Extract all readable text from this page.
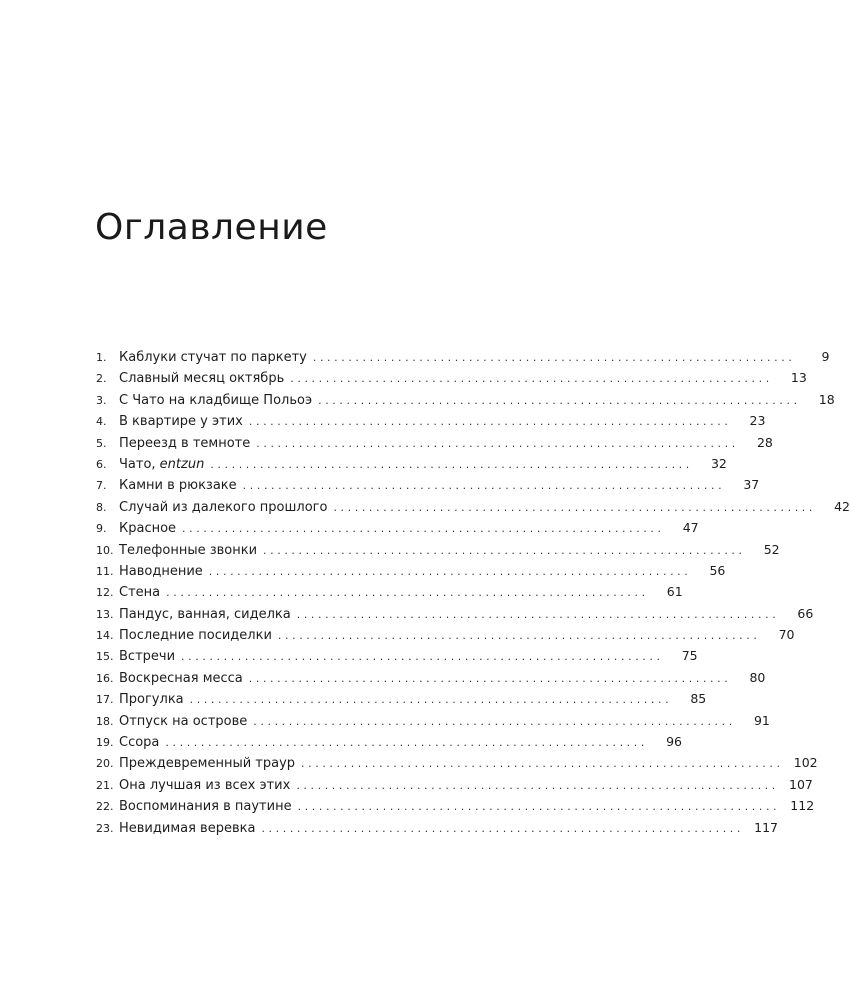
Оглавление
1. Каблуки стучат по паркету ....................................................................	9
2. Славный месяц октябрь ....................................................................	13
3. С Чато на кладбище Польоэ ....................................................................	18
4. В квартире у этих ....................................................................	23
5. Переезд в темноте ....................................................................	28
6. Чато, entzun ....................................................................	32
7. Камни в рюкзаке ....................................................................	37
8. Случай из далекого прошлого ....................................................................	42
9. Красное ....................................................................	47
10. Телефонные звонки ....................................................................	52
11. Наводнение ....................................................................	56
12. Стена ....................................................................	61
13. Пандус, ванная, сиделка ....................................................................	66
14. Последние посиделки ....................................................................	70
15. Встречи ....................................................................	75
16. Воскресная месса ....................................................................	80
17. Прогулка ....................................................................	85
18. Отпуск на острове ....................................................................	91
19. Ссора ....................................................................	96
20. Преждевременный траур .................................................................... 102
21. Она лучшая из всех этих .................................................................... 107
22. Воспоминания в паутине .................................................................... 112
23. Невидимая веревка .................................................................... 117
